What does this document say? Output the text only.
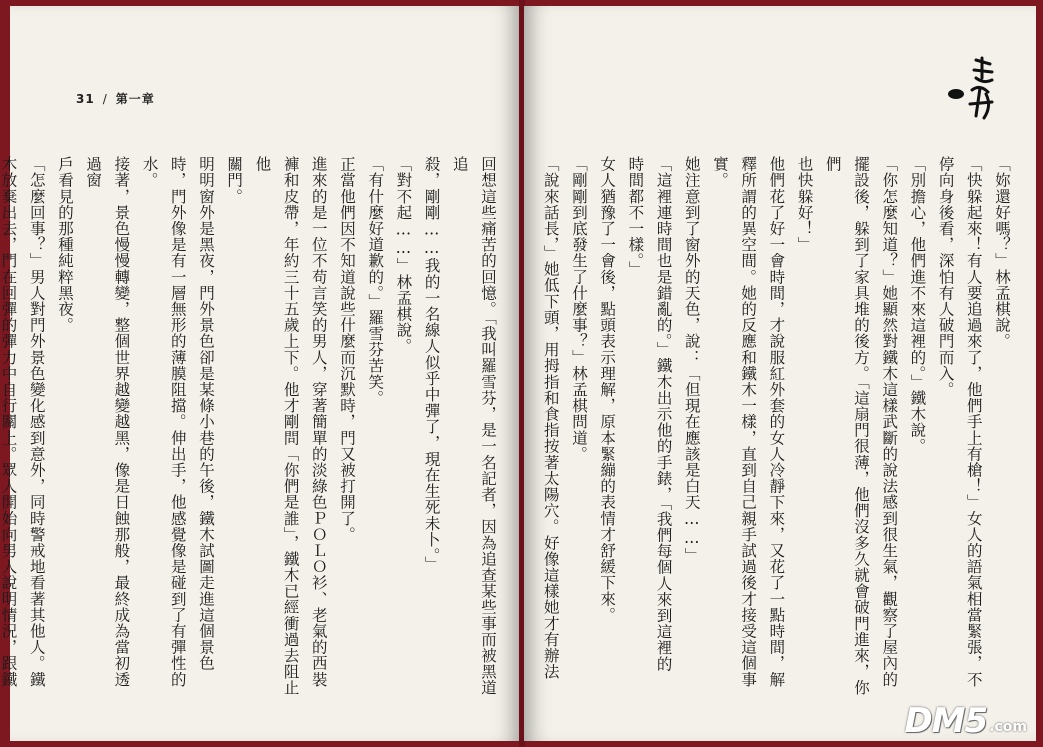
31 / 第一章

回想這些痛苦的回憶。「我叫羅雪芬，是一名記者，因為追查某些事而被黑道追

殺，剛剛……我的一名線人似乎中彈了，現在生死未卜。」

「對不起……」林孟棋說。

「有什麼好道歉的。」羅雪芬苦笑。

正當他們因不知道說些什麼而沉默時，門又被打開了。

進來的是一位不苟言笑的男人，穿著簡單的淡綠色ＰＯＬＯ衫、老氣的西裝

褲和皮帶，年約三十五歲上下。他才剛問「你們是誰」，鐵木已經衝過去阻止他

關門。

明明窗外是黑夜，門外景色卻是某條小巷的午後，鐵木試圖走進這個景色

時，門外像是有一層無形的薄膜阻擋。伸出手，他感覺像是碰到了有彈性的水。

接著，景色慢慢轉變，整個世界越變越黑，像是日蝕那般，最終成為當初透過窗

戶看見的那種純粹黑夜。

「怎麼回事？」男人對門外景色變化感到意外，同時警戒地看著其他人。鐵

木放棄出去，門在回彈的彈力中自行關上。眾人開始向男人說明情況，跟鐵

「妳還好嗎？」林孟棋說。

「快躲起來！有人要追過來了，他們手上有槍！」女人的語氣相當緊張，不

停向身後看，深怕有人破門而入。

「別擔心，他們進不來這裡的。」鐵木說。

「你怎麼知道？」她顯然對鐵木這樣武斷的說法感到很生氣，觀察了屋內的

擺設後，躲到了家具堆的後方。「這扇門很薄，他們沒多久就會破門進來，你們

也快躲好！」

他們花了好一會時間，才說服紅外套的女人冷靜下來，又花了一點時間，解

釋所謂的異空間。她的反應和鐵木一樣，直到自己親手試過後才接受這個事實。

她注意到了窗外的天色，說：「但現在應該是白天……」

「這裡連時間也是錯亂的。」鐵木出示他的手錶，「我們每個人來到這裡的

時間都不一樣。」

女人猶豫了一會後，點頭表示理解，原本緊繃的表情才舒緩下來。

「剛剛到底發生了什麼事？」林孟棋問道。

「說來話長，」她低下頭，用拇指和食指按著太陽穴。好像這樣她才有辦法

DM5 .com
